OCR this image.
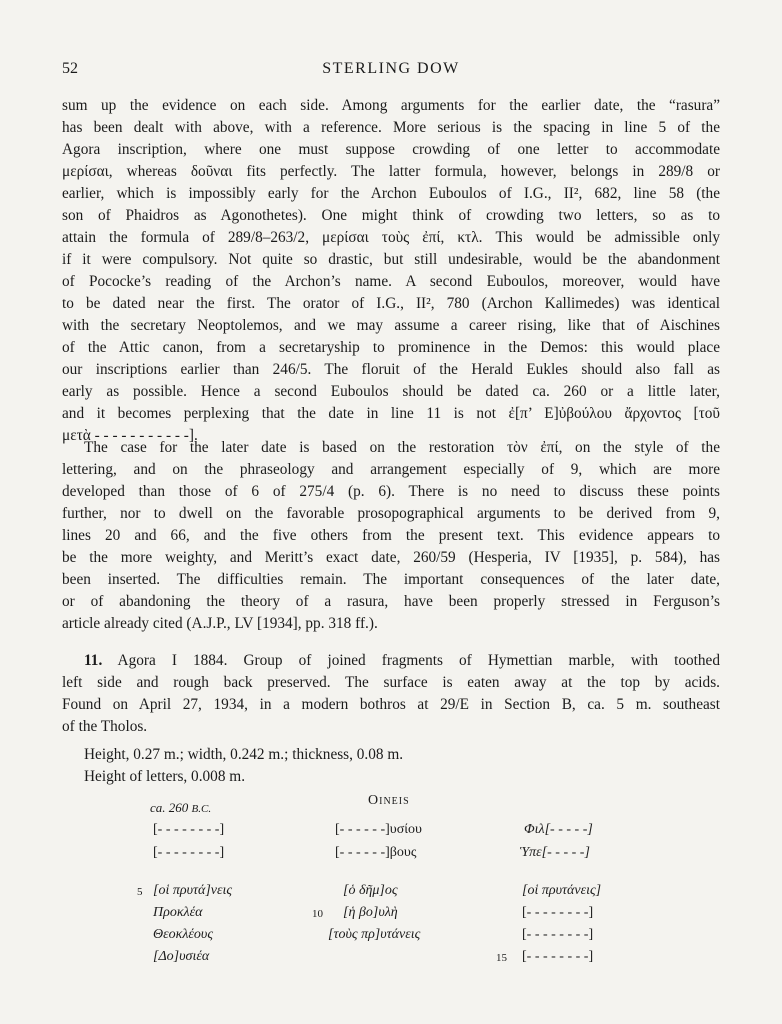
52	STERLING DOW
sum up the evidence on each side. Among arguments for the earlier date, the “rasura”
has been dealt with above, with a reference. More serious is the spacing in line 5 of the
Agora inscription, where one must suppose crowding of one letter to accommodate
μερίσαι, whereas δοῦναι fits perfectly. The latter formula, however, belongs in 289/8 or
earlier, which is impossibly early for the Archon Euboulos of I.G., II², 682, line 58 (the
son of Phaidros as Agonothetes). One might think of crowding two letters, so as to
attain the formula of 289/8–263/2, μερίσαι τοὺς ἐπί, κτλ. This would be admissible only
if it were compulsory. Not quite so drastic, but still undesirable, would be the abandonment
of Pococke’s reading of the Archon’s name. A second Euboulos, moreover, would have
to be dated near the first. The orator of I.G., II², 780 (Archon Kallimedes) was identical
with the secretary Neoptolemos, and we may assume a career rising, like that of Aischines
of the Attic canon, from a secretaryship to prominence in the Demos: this would place
our inscriptions earlier than 246/5. The floruit of the Herald Eukles should also fall as
early as possible. Hence a second Euboulos should be dated ca. 260 or a little later,
and it becomes perplexing that the date in line 11 is not ἐ[π’ Ε]ὐβούλου ἄρχοντος [τοῦ
μετὰ - - - - - - - - - - -].
The case for the later date is based on the restoration τὸν ἐπί, on the style of the
lettering, and on the phraseology and arrangement especially of 9, which are more
developed than those of 6 of 275/4 (p. 6). There is no need to discuss these points
further, nor to dwell on the favorable prosopographical arguments to be derived from 9,
lines 20 and 66, and the five others from the present text. This evidence appears to
be the more weighty, and Meritt’s exact date, 260/59 (Hesperia, IV [1935], p. 584), has
been inserted. The difficulties remain. The important consequences of the later date,
or of abandoning the theory of a rasura, have been properly stressed in Ferguson’s
article already cited (A.J.P., LV [1934], pp. 318 ff.).
11. Agora I 1884. Group of joined fragments of Hymettian marble, with toothed
left side and rough back preserved. The surface is eaten away at the top by acids.
Found on April 27, 1934, in a modern bothros at 29/E in Section Β, ca. 5 m. southeast
of the Tholos.
Height, 0.27 m.; width, 0.242 m.; thickness, 0.08 m.
Height of letters, 0.008 m.
ca. 260 B.C.
Oineis
[- - - - - - - -]
[- - - - - - - -]
[οἱ πρυτά]νεις
Προκλέα
Θεοκλέους
[Δο]υσιέα
[- - - - - -]υσίου
[- - - - - -]βους
[ὁ δῆμ]ος
[ἡ βο]υλὴ
[τοὺς πρ]υτάνεις
Φιλ[- - - - -]
Ὑπε[- - - - -]
[οἱ πρυτάνεις]
[- - - - - - - -]
[- - - - - - - -]
[- - - - - - - -]
5
10
15
